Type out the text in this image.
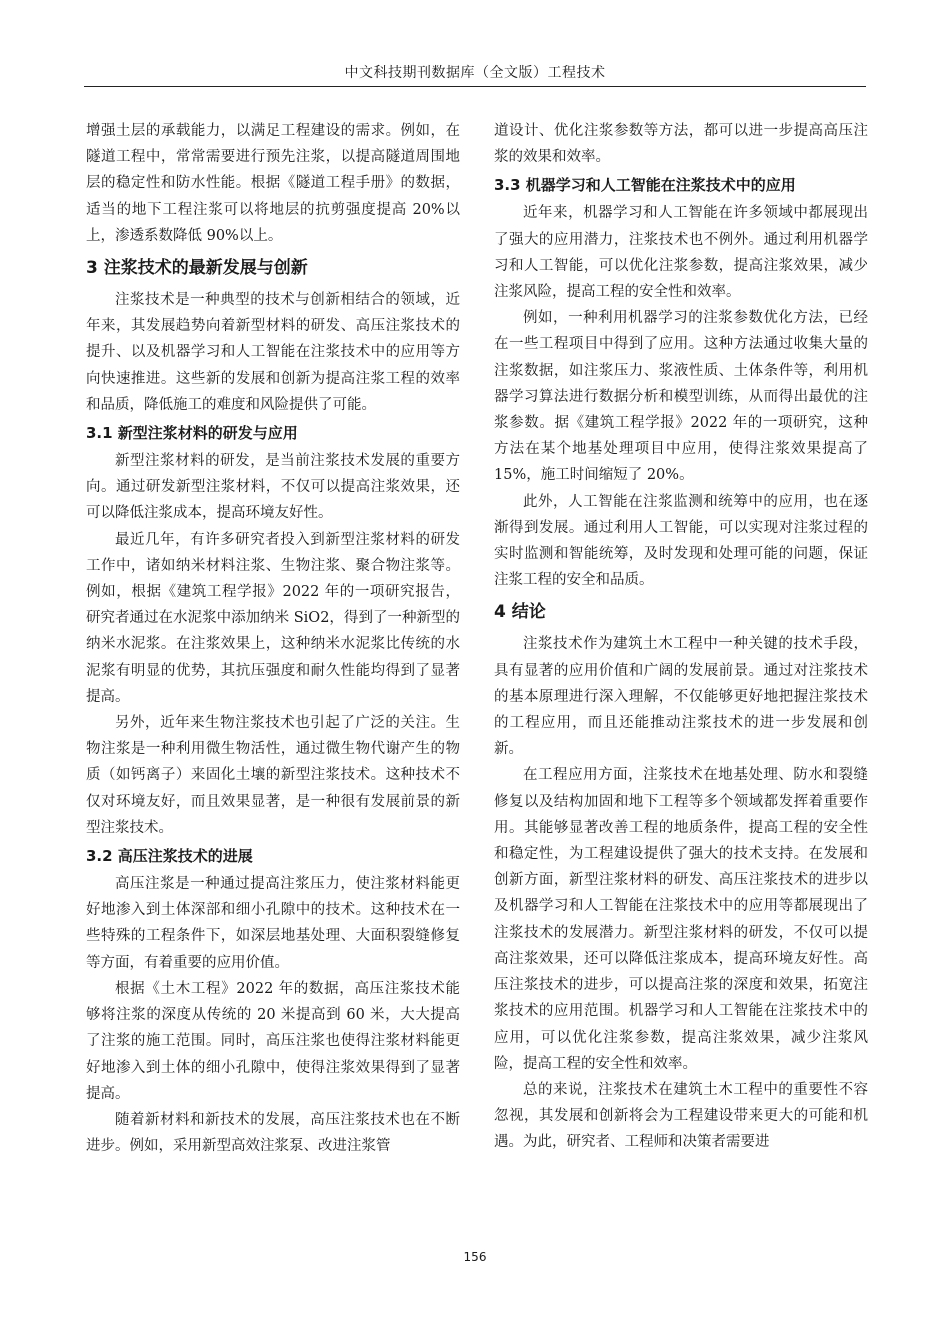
中文科技期刊数据库（全文版）工程技术

增强土层的承载能力，以满足工程建设的需求。例如，在隧道工程中，常常需要进行预先注浆，以提高隧道周围地层的稳定性和防水性能。根据《隧道工程手册》的数据，适当的地下工程注浆可以将地层的抗剪强度提高 20%以上，渗透系数降低 90%以上。

3 注浆技术的最新发展与创新

注浆技术是一种典型的技术与创新相结合的领域，近年来，其发展趋势向着新型材料的研发、高压注浆技术的提升、以及机器学习和人工智能在注浆技术中的应用等方向快速推进。这些新的发展和创新为提高注浆工程的效率和品质，降低施工的难度和风险提供了可能。

3.1 新型注浆材料的研发与应用

新型注浆材料的研发，是当前注浆技术发展的重要方向。通过研发新型注浆材料，不仅可以提高注浆效果，还可以降低注浆成本，提高环境友好性。

最近几年，有许多研究者投入到新型注浆材料的研发工作中，诸如纳米材料注浆、生物注浆、聚合物注浆等。例如，根据《建筑工程学报》2022 年的一项研究报告，研究者通过在水泥浆中添加纳米 SiO2，得到了一种新型的纳米水泥浆。在注浆效果上，这种纳米水泥浆比传统的水泥浆有明显的优势，其抗压强度和耐久性能均得到了显著提高。

另外，近年来生物注浆技术也引起了广泛的关注。生物注浆是一种利用微生物活性，通过微生物代谢产生的物质（如钙离子）来固化土壤的新型注浆技术。这种技术不仅对环境友好，而且效果显著，是一种很有发展前景的新型注浆技术。

3.2 高压注浆技术的进展

高压注浆是一种通过提高注浆压力，使注浆材料能更好地渗入到土体深部和细小孔隙中的技术。这种技术在一些特殊的工程条件下，如深层地基处理、大面积裂缝修复等方面，有着重要的应用价值。

根据《土木工程》2022 年的数据，高压注浆技术能够将注浆的深度从传统的 20 米提高到 60 米，大大提高了注浆的施工范围。同时，高压注浆也使得注浆材料能更好地渗入到土体的细小孔隙中，使得注浆效果得到了显著提高。

随着新材料和新技术的发展，高压注浆技术也在不断进步。例如，采用新型高效注浆泵、改进注浆管

道设计、优化注浆参数等方法，都可以进一步提高高压注浆的效果和效率。

3.3 机器学习和人工智能在注浆技术中的应用

近年来，机器学习和人工智能在许多领域中都展现出了强大的应用潜力，注浆技术也不例外。通过利用机器学习和人工智能，可以优化注浆参数，提高注浆效果，减少注浆风险，提高工程的安全性和效率。

例如，一种利用机器学习的注浆参数优化方法，已经在一些工程项目中得到了应用。这种方法通过收集大量的注浆数据，如注浆压力、浆液性质、土体条件等，利用机器学习算法进行数据分析和模型训练，从而得出最优的注浆参数。据《建筑工程学报》2022 年的一项研究，这种方法在某个地基处理项目中应用，使得注浆效果提高了 15%，施工时间缩短了 20%。

此外，人工智能在注浆监测和统筹中的应用，也在逐渐得到发展。通过利用人工智能，可以实现对注浆过程的实时监测和智能统筹，及时发现和处理可能的问题，保证注浆工程的安全和品质。

4 结论

注浆技术作为建筑土木工程中一种关键的技术手段，具有显著的应用价值和广阔的发展前景。通过对注浆技术的基本原理进行深入理解，不仅能够更好地把握注浆技术的工程应用，而且还能推动注浆技术的进一步发展和创新。

在工程应用方面，注浆技术在地基处理、防水和裂缝修复以及结构加固和地下工程等多个领域都发挥着重要作用。其能够显著改善工程的地质条件，提高工程的安全性和稳定性，为工程建设提供了强大的技术支持。在发展和创新方面，新型注浆材料的研发、高压注浆技术的进步以及机器学习和人工智能在注浆技术中的应用等都展现出了注浆技术的发展潜力。新型注浆材料的研发，不仅可以提高注浆效果，还可以降低注浆成本，提高环境友好性。高压注浆技术的进步，可以提高注浆的深度和效果，拓宽注浆技术的应用范围。机器学习和人工智能在注浆技术中的应用，可以优化注浆参数，提高注浆效果，减少注浆风险，提高工程的安全性和效率。

总的来说，注浆技术在建筑土木工程中的重要性不容忽视，其发展和创新将会为工程建设带来更大的可能和机遇。为此，研究者、工程师和决策者需要进

156
